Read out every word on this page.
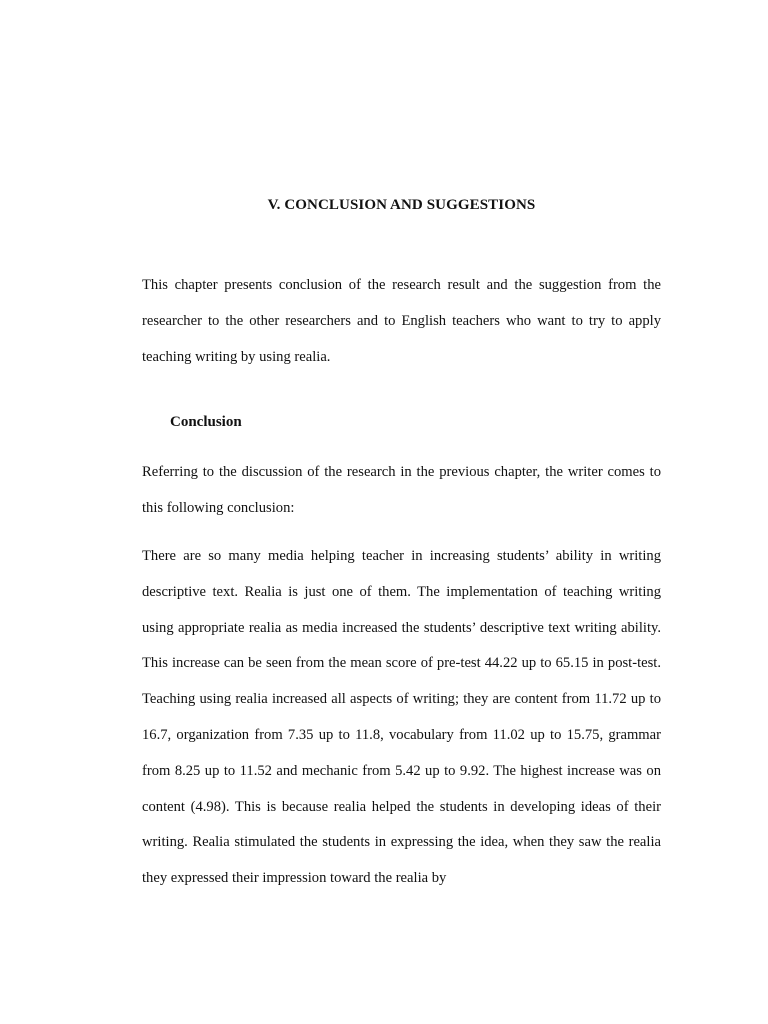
V. CONCLUSION AND SUGGESTIONS

This chapter presents conclusion of the research result and the suggestion from the researcher to the other researchers and to English teachers who want to try to apply teaching writing by using realia.

Conclusion

Referring to the discussion of the research in the previous chapter, the writer comes to this following conclusion:

There are so many media helping teacher in increasing students’ ability in writing descriptive text. Realia is just one of them. The implementation of teaching writing using appropriate realia as media increased the students’ descriptive text writing ability. This increase can be seen from the mean score of pre-test 44.22 up to 65.15 in post-test. Teaching using realia increased all aspects of writing; they are content from 11.72 up to 16.7, organization from 7.35 up to 11.8, vocabulary from 11.02 up to 15.75, grammar from 8.25 up to 11.52 and mechanic from 5.42 up to 9.92. The highest increase was on content (4.98). This is because realia helped the students in developing ideas of their writing. Realia stimulated the students in expressing the idea, when they saw the realia they expressed their impression toward the realia by
